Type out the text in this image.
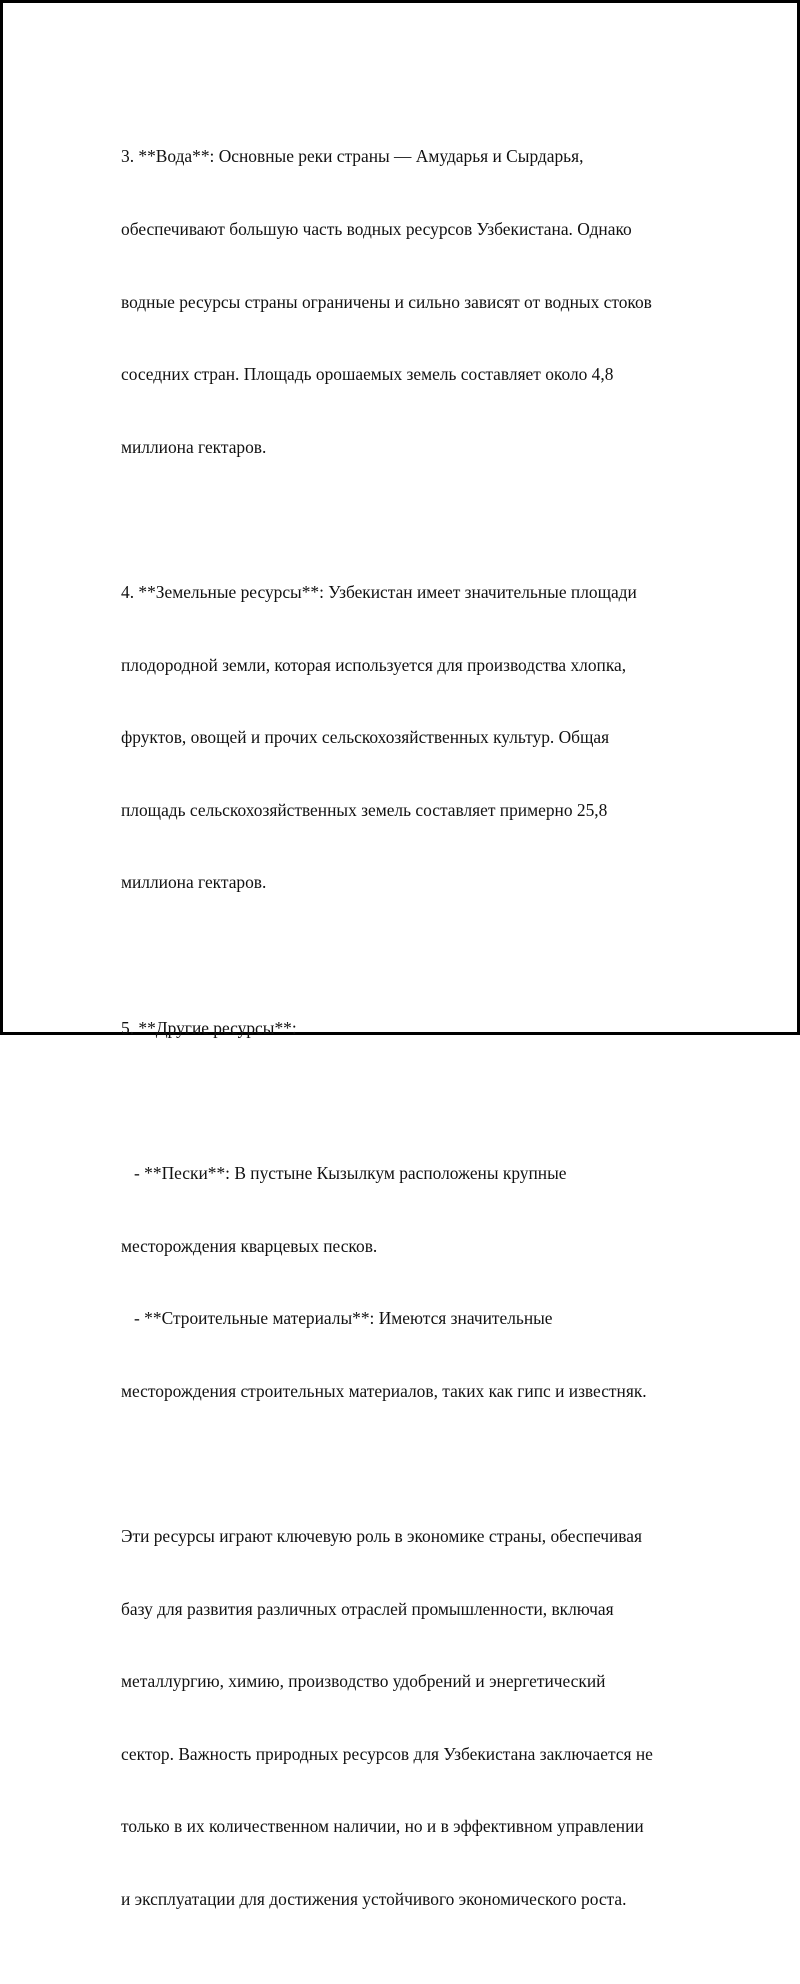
3. **Вода**: Основные реки страны — Амударья и Сырдарья,

обеспечивают большую часть водных ресурсов Узбекистана. Однако

водные ресурсы страны ограничены и сильно зависят от водных стоков

соседних стран. Площадь орошаемых земель составляет около 4,8

миллиона гектаров.

4. **Земельные ресурсы**: Узбекистан имеет значительные площади

плодородной земли, которая используется для производства хлопка,

фруктов, овощей и прочих сельскохозяйственных культур. Общая

площадь сельскохозяйственных земель составляет примерно 25,8

миллиона гектаров.

5. **Другие ресурсы**:

- **Пески**: В пустыне Кызылкум расположены крупные

месторождения кварцевых песков.

- **Строительные материалы**: Имеются значительные

месторождения строительных материалов, таких как гипс и известняк.

Эти ресурсы играют ключевую роль в экономике страны, обеспечивая

базу для развития различных отраслей промышленности, включая

металлургию, химию, производство удобрений и энергетический

сектор. Важность природных ресурсов для Узбекистана заключается не

только в их количественном наличии, но и в эффективном управлении

и эксплуатации для достижения устойчивого экономического роста.
